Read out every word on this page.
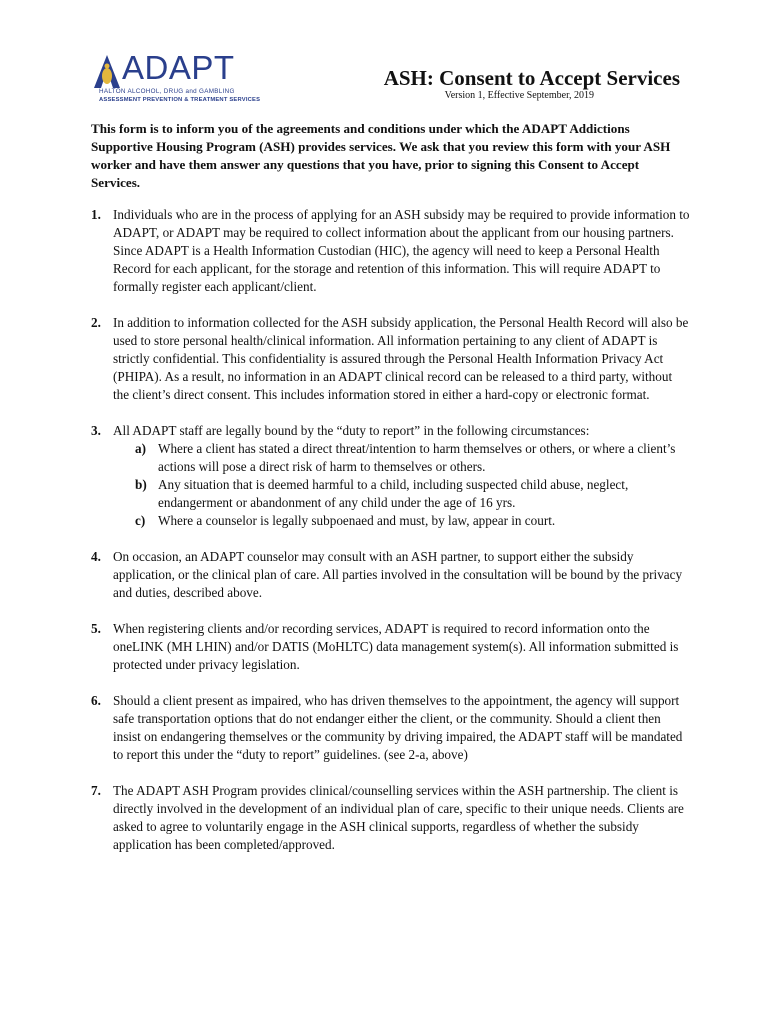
ADAPT
HALTON ALCOHOL, DRUG and GAMBLING
ASSESSMENT PREVENTION & TREATMENT SERVICES
ASH: Consent to Accept Services
Version 1, Effective September, 2019

This form is to inform you of the agreements and conditions under which the ADAPT Addictions Supportive Housing Program (ASH) provides services. We ask that you review this form with your ASH worker and have them answer any questions that you have, prior to signing this Consent to Accept Services.

1. Individuals who are in the process of applying for an ASH subsidy may be required to provide information to ADAPT, or ADAPT may be required to collect information about the applicant from our housing partners. Since ADAPT is a Health Information Custodian (HIC), the agency will need to keep a Personal Health Record for each applicant, for the storage and retention of this information. This will require ADAPT to formally register each applicant/client.
2. In addition to information collected for the ASH subsidy application, the Personal Health Record will also be used to store personal health/clinical information. All information pertaining to any client of ADAPT is strictly confidential. This confidentiality is assured through the Personal Health Information Privacy Act (PHIPA). As a result, no information in an ADAPT clinical record can be released to a third party, without the client’s direct consent. This includes information stored in either a hard-copy or electronic format.
3. All ADAPT staff are legally bound by the “duty to report” in the following circumstances:
a) Where a client has stated a direct threat/intention to harm themselves or others, or where a client’s actions will pose a direct risk of harm to themselves or others.
b) Any situation that is deemed harmful to a child, including suspected child abuse, neglect, endangerment or abandonment of any child under the age of 16 yrs.
c) Where a counselor is legally subpoenaed and must, by law, appear in court.
4. On occasion, an ADAPT counselor may consult with an ASH partner, to support either the subsidy application, or the clinical plan of care. All parties involved in the consultation will be bound by the privacy and duties, described above.
5. When registering clients and/or recording services, ADAPT is required to record information onto the oneLINK (MH LHIN) and/or DATIS (MoHLTC) data management system(s). All information submitted is protected under privacy legislation.
6. Should a client present as impaired, who has driven themselves to the appointment, the agency will support safe transportation options that do not endanger either the client, or the community. Should a client then insist on endangering themselves or the community by driving impaired, the ADAPT staff will be mandated to report this under the “duty to report” guidelines. (see 2-a, above)
7. The ADAPT ASH Program provides clinical/counselling services within the ASH partnership. The client is directly involved in the development of an individual plan of care, specific to their unique needs. Clients are asked to agree to voluntarily engage in the ASH clinical supports, regardless of whether the subsidy application has been completed/approved.
